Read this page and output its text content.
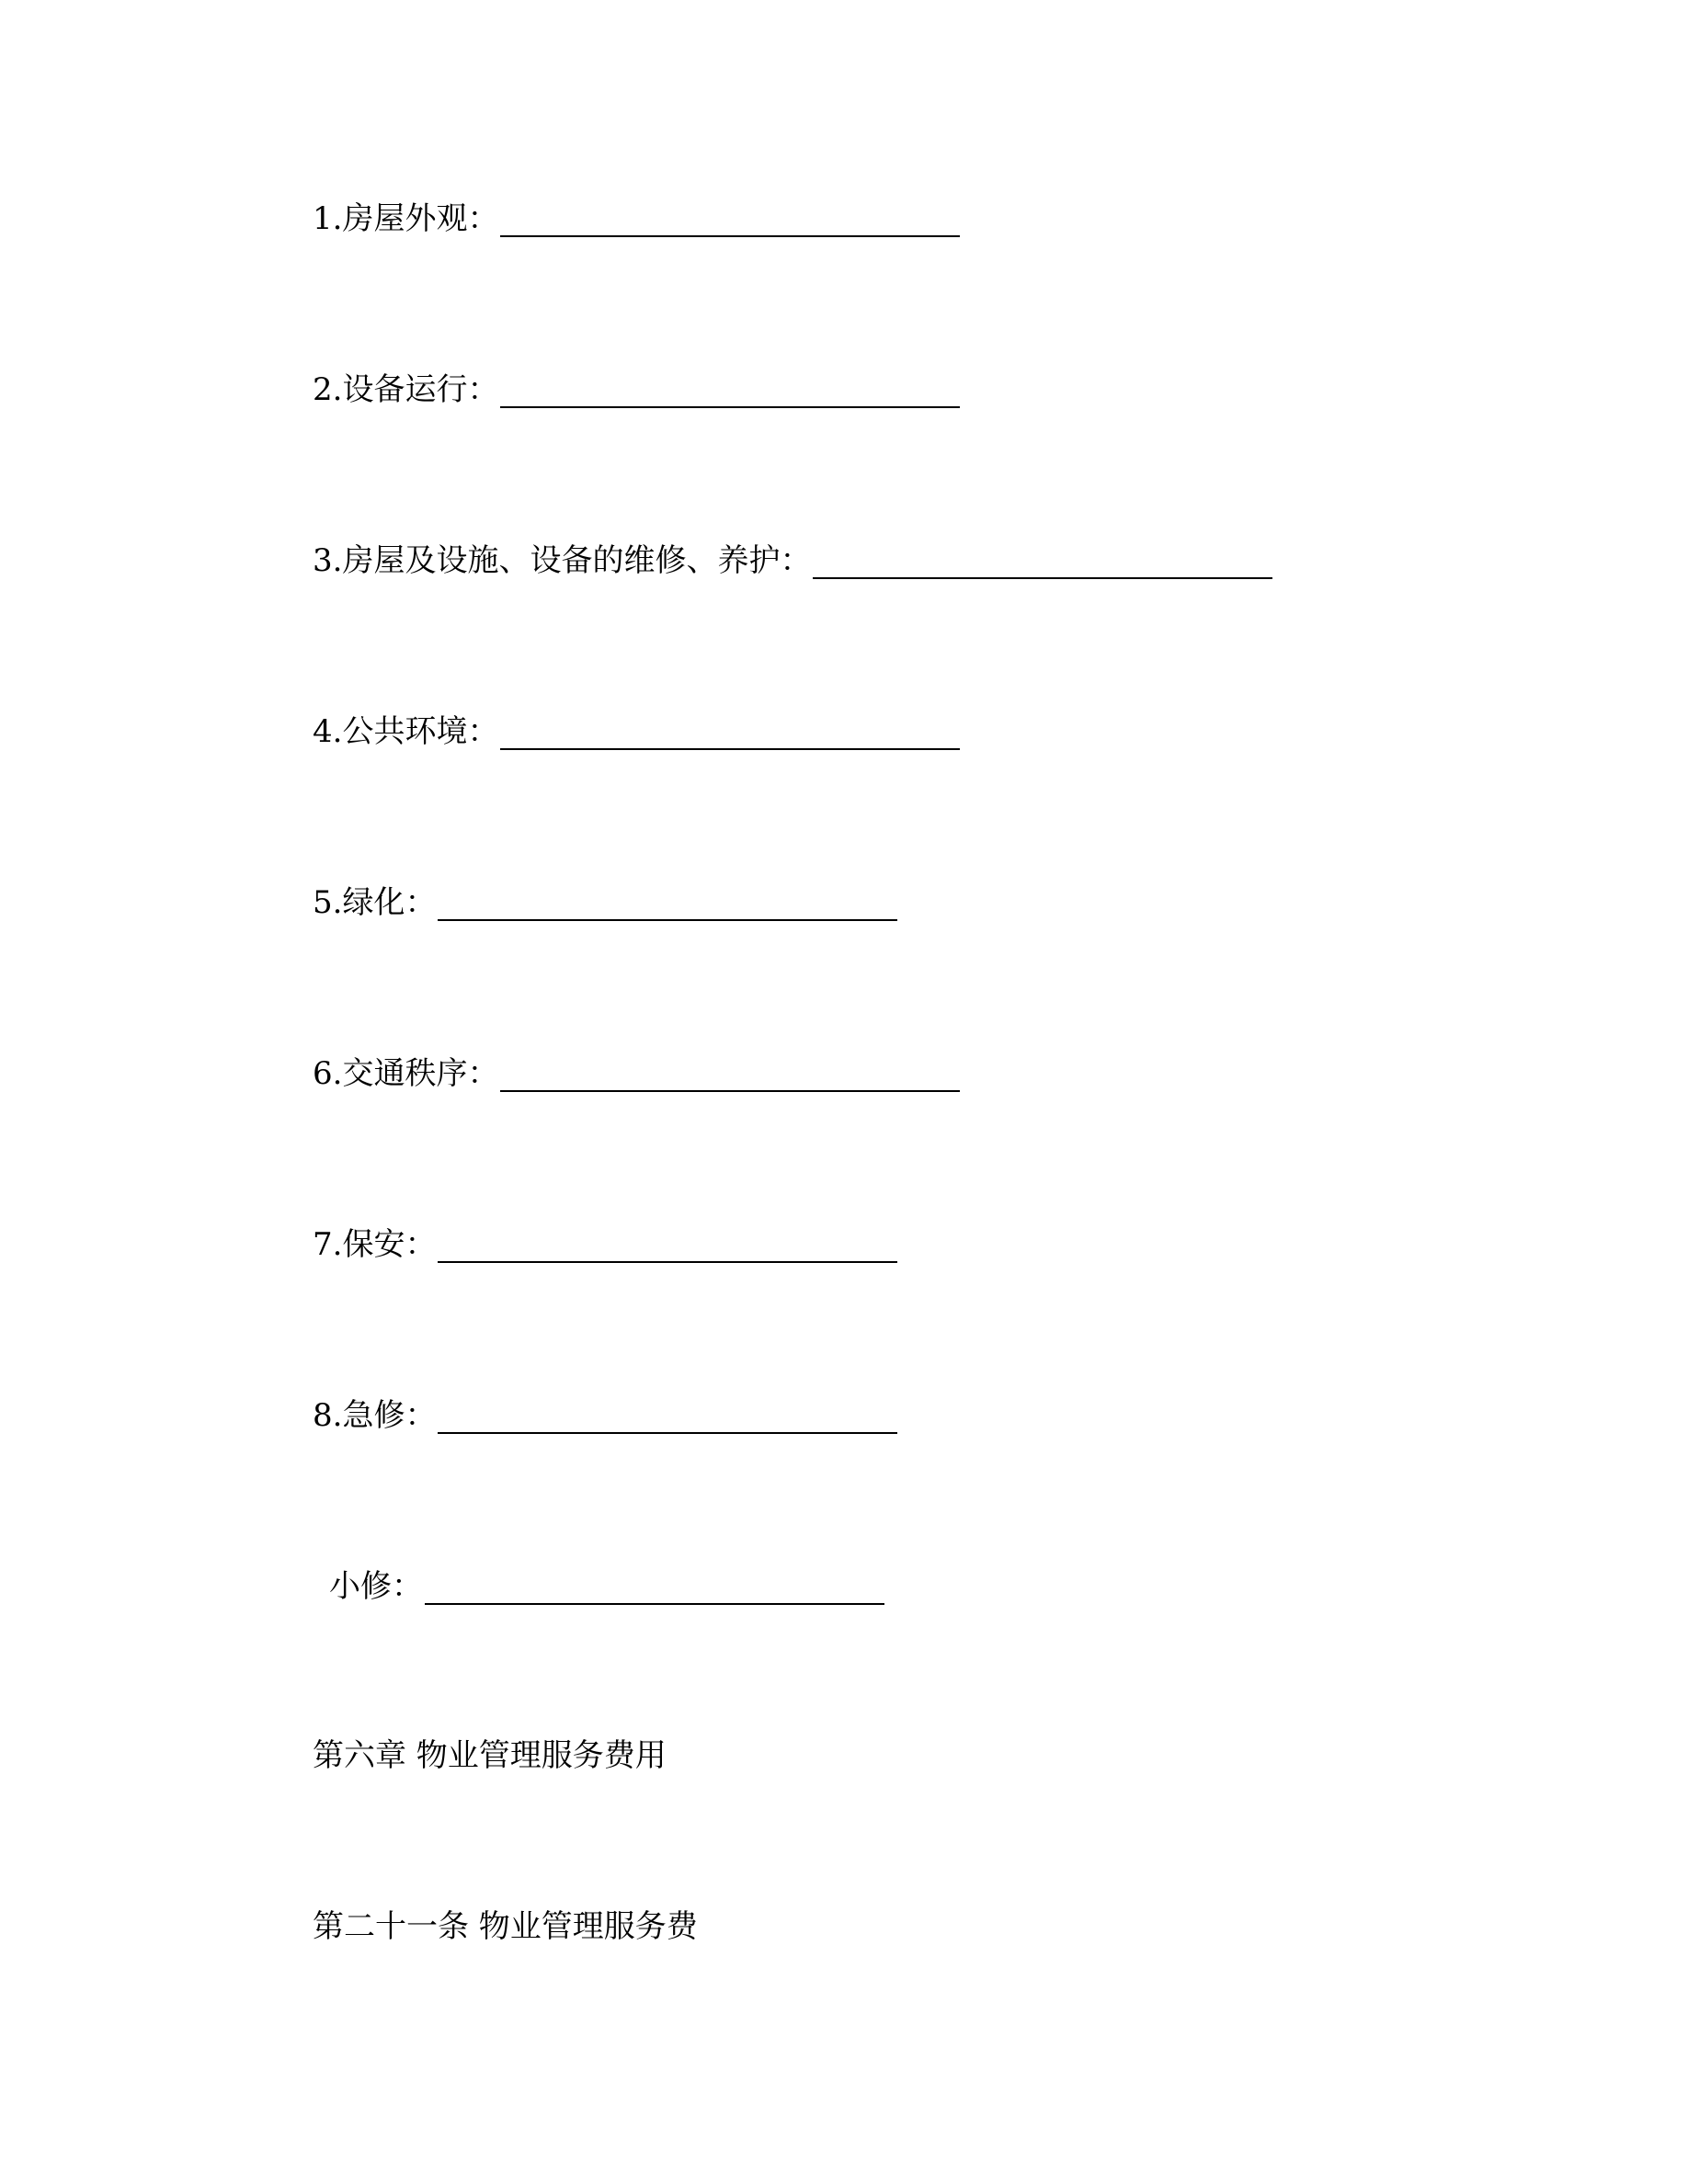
1.房屋外观：
2.设备运行：
3.房屋及设施、设备的维修、养护：
4.公共环境：
5.绿化：
6.交通秩序：
7.保安：
8.急修：
小修：
第六章 物业管理服务费用
第二十一条 物业管理服务费
